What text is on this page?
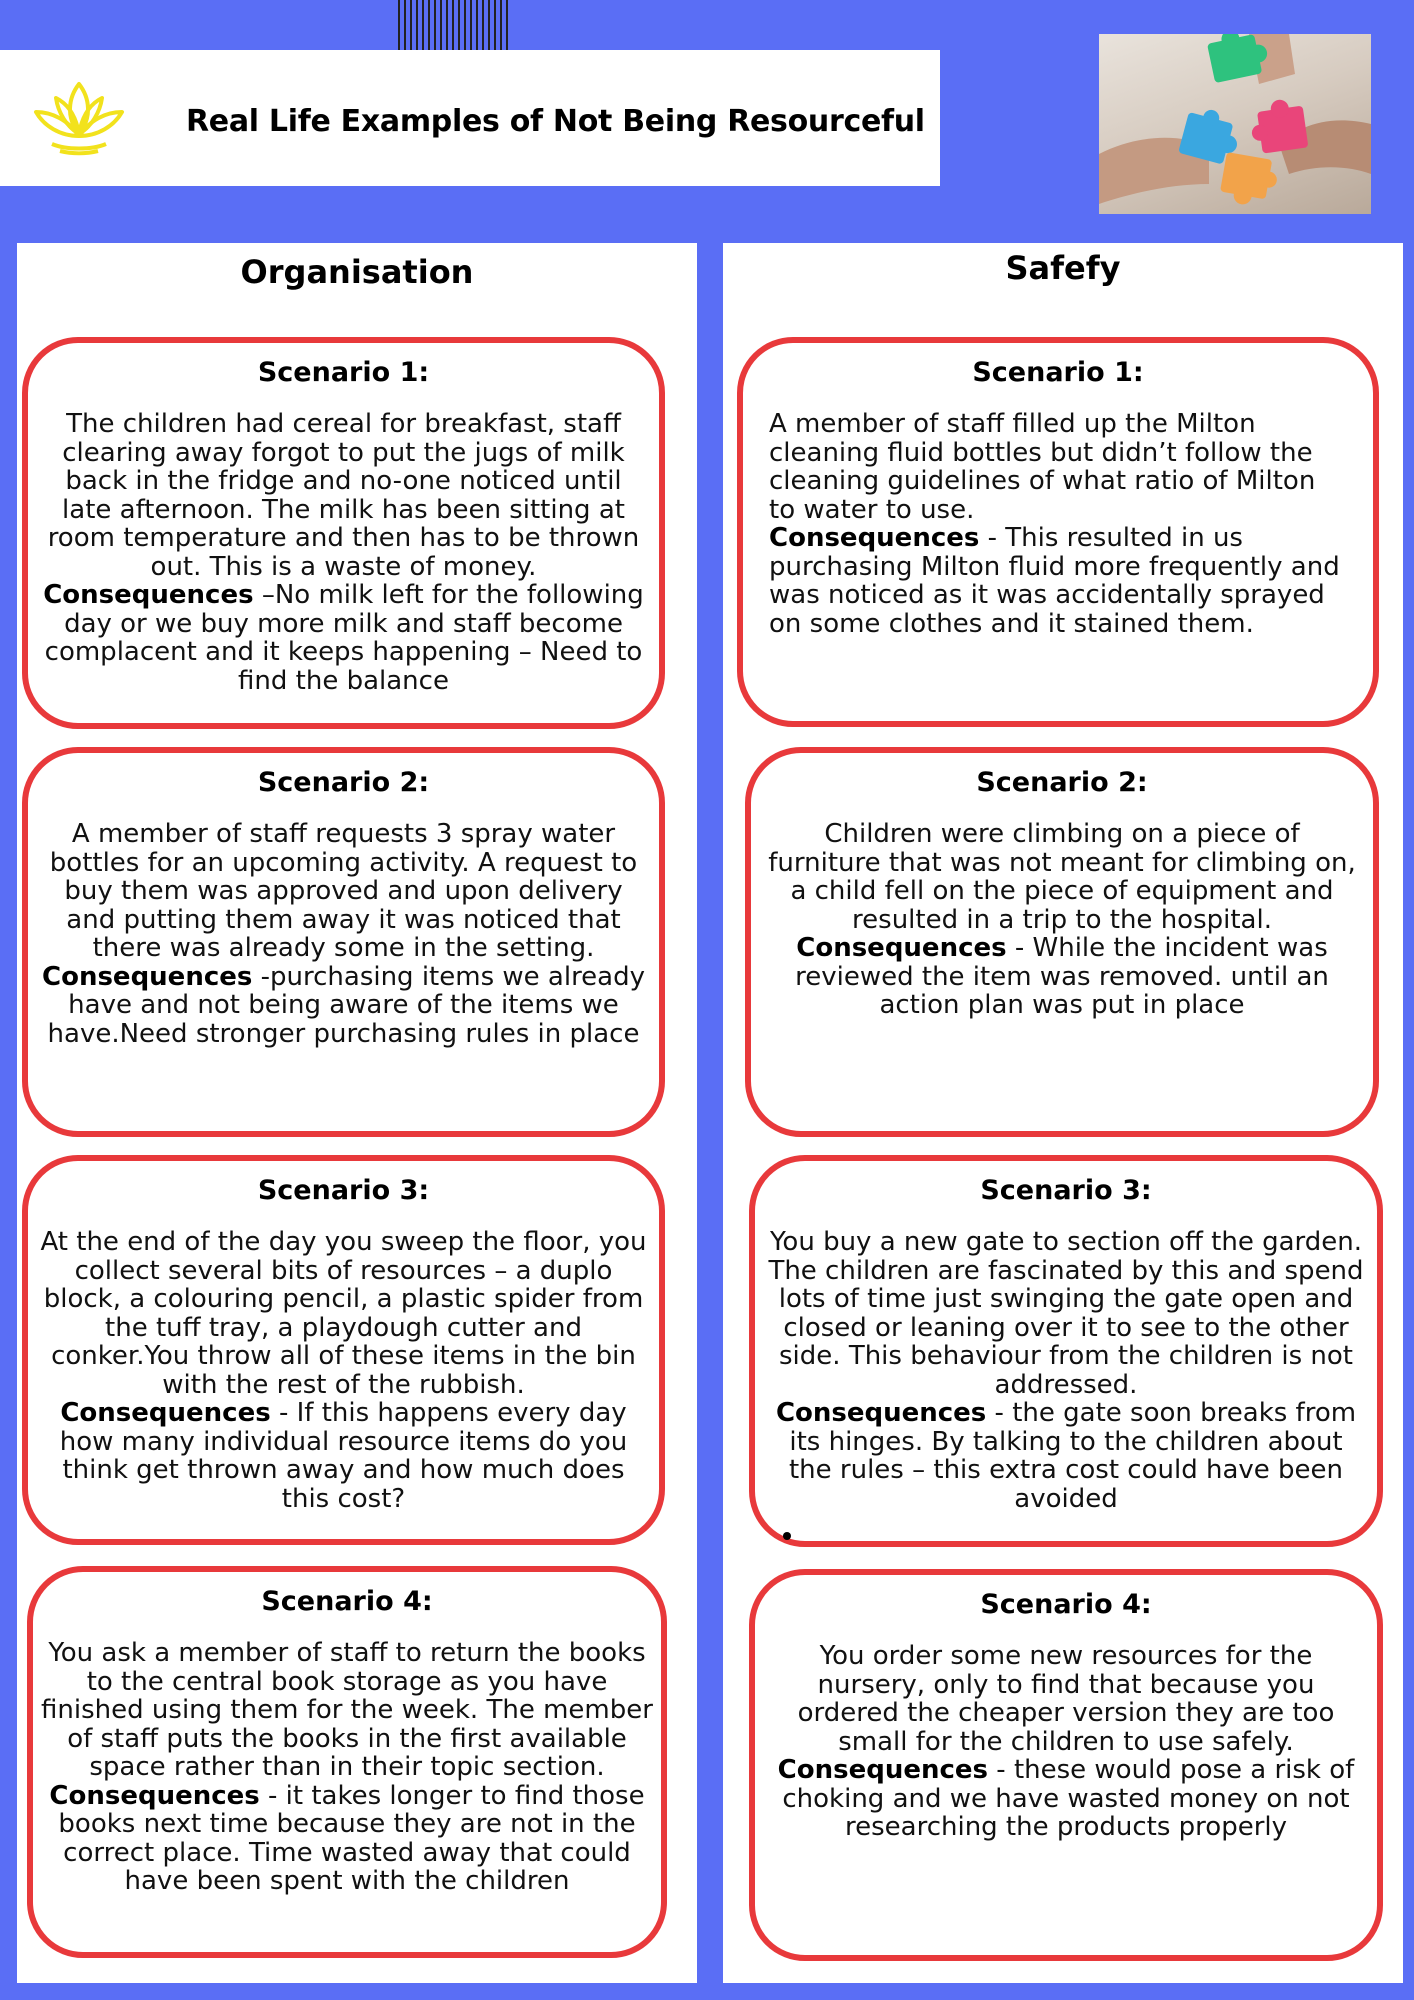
Real Life Examples of Not Being Resourceful
Organisation
Scenario 1:

The children had cereal for breakfast, staff clearing away forgot to put the jugs of milk back in the fridge and no-one noticed until late afternoon. The milk has been sitting at room temperature and then has to be thrown out. This is a waste of money.
Consequences –No milk left for the following day or we buy more milk and staff become complacent and it keeps happening – Need to find the balance

Scenario 2:

A member of staff requests 3 spray water bottles for an upcoming activity. A request to buy them was approved and upon delivery and putting them away it was noticed that there was already some in the setting.
Consequences -purchasing items we already have and not being aware of the items we have.Need stronger purchasing rules in place

Scenario 3:

At the end of the day you sweep the floor, you collect several bits of resources – a duplo block, a colouring pencil, a plastic spider from the tuff tray, a playdough cutter and conker.You throw all of these items in the bin with the rest of the rubbish.
Consequences - If this happens every day how many individual resource items do you think get thrown away and how much does this cost?

Scenario 4:

You ask a member of staff to return the books to the central book storage as you have finished using them for the week. The member of staff puts the books in the first available space rather than in their topic section.
Consequences - it takes longer to find those books next time because they are not in the correct place. Time wasted away that could have been spent with the children

Safefy
Scenario 1:

A member of staff filled up the Milton cleaning fluid bottles but didn’t follow the cleaning guidelines of what ratio of Milton to water to use.
Consequences - This resulted in us purchasing Milton fluid more frequently and was noticed as it was accidentally sprayed on some clothes and it stained them.

Scenario 2:

Children were climbing on a piece of furniture that was not meant for climbing on, a child fell on the piece of equipment and resulted in a trip to the hospital.
Consequences - While the incident was reviewed the item was removed. until an action plan was put in place

Scenario 3:

You buy a new gate to section off the garden. The children are fascinated by this and spend lots of time just swinging the gate open and closed or leaning over it to see to the other side. This behaviour from the children is not addressed.
Consequences - the gate soon breaks from its hinges. By talking to the children about the rules – this extra cost could have been avoided

Scenario 4:

You order some new resources for the nursery, only to find that because you ordered the cheaper version they are too small for the children to use safely.
Consequences - these would pose a risk of choking and we have wasted money on not researching the products properly
